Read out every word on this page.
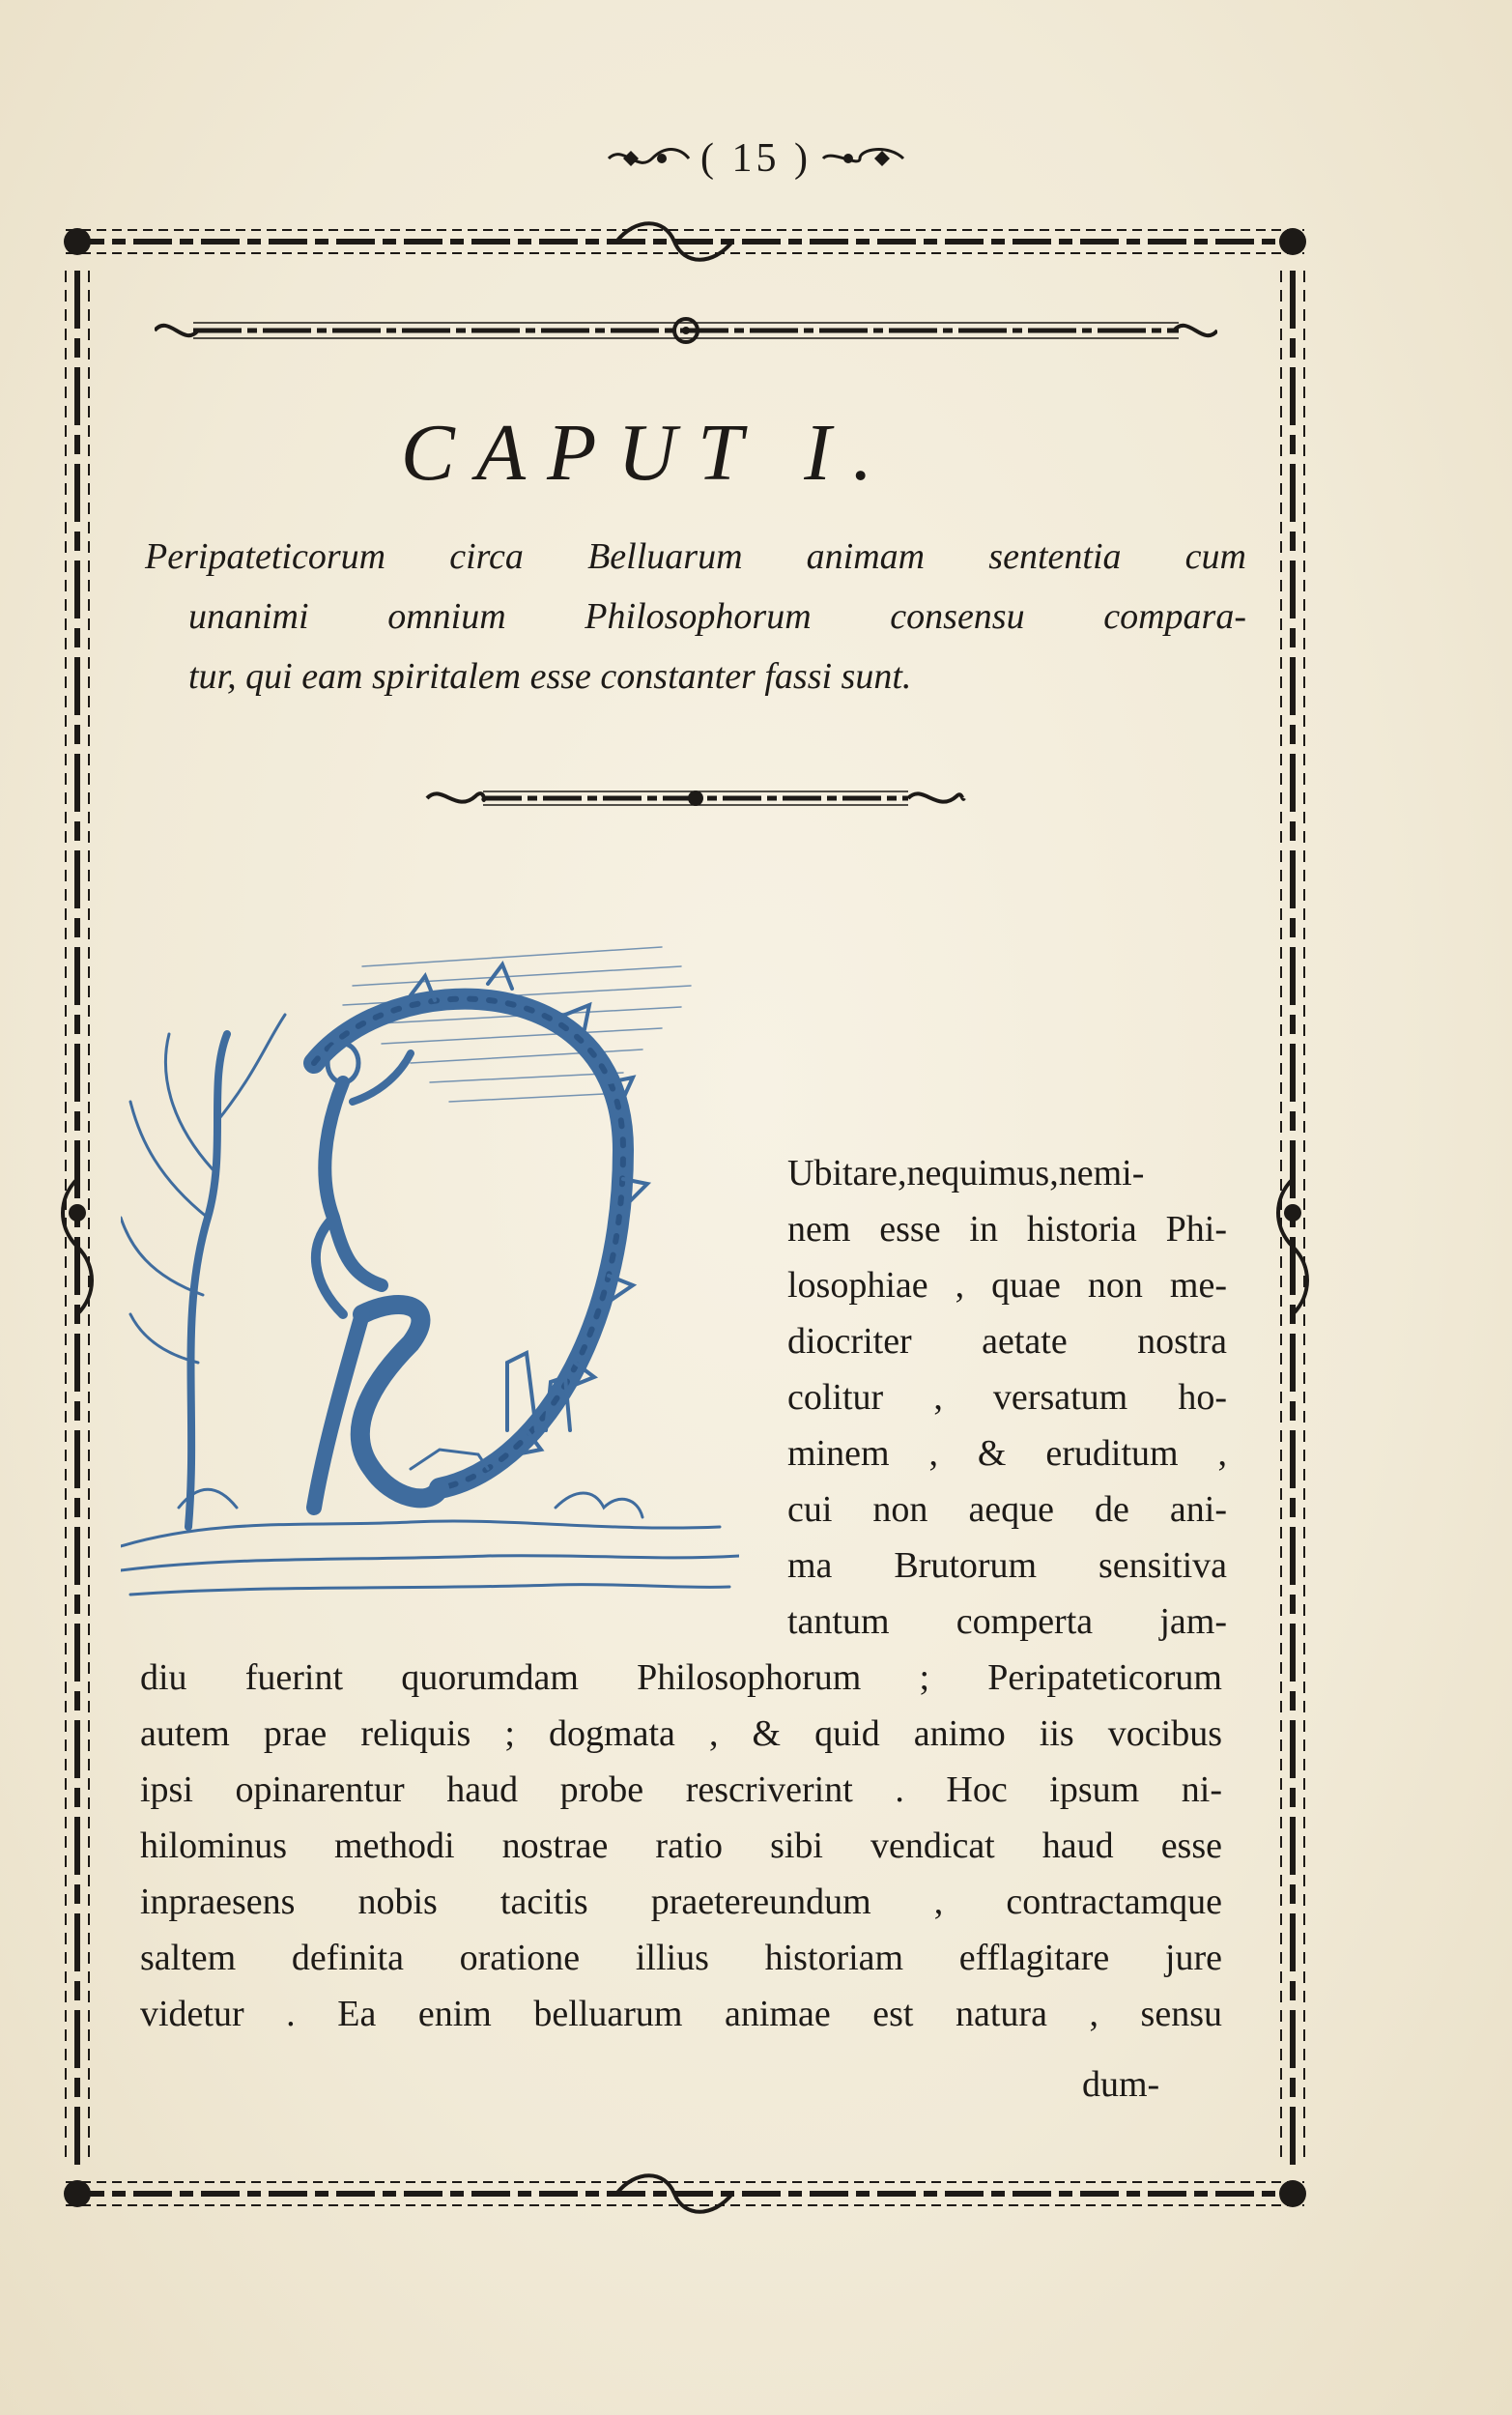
( 15 )
CAPUT I.
Peripateticorum circa Belluarum animam sententia cum
unanimi omnium Philosophorum consensu compara-
tur, qui eam spiritalem esse constanter fassi sunt.
Ubitare,nequimus,nemi-
nem esse in historia Phi-
losophiae , quae non me-
diocriter aetate nostra
colitur , versatum ho-
minem , & eruditum ,
cui non aeque de ani-
ma Brutorum sensitiva
tantum comperta jam-
diu fuerint quorumdam Philosophorum ; Peripateticorum
autem prae reliquis ; dogmata , & quid animo iis vocibus
ipsi opinarentur haud probe rescriverint . Hoc ipsum ni-
hilominus methodi nostrae ratio sibi vendicat haud esse
inpraesens nobis tacitis praetereundum , contractamque
saltem definita oratione illius historiam efflagitare jure
videtur . Ea enim belluarum animae est natura , sensu
dum-
